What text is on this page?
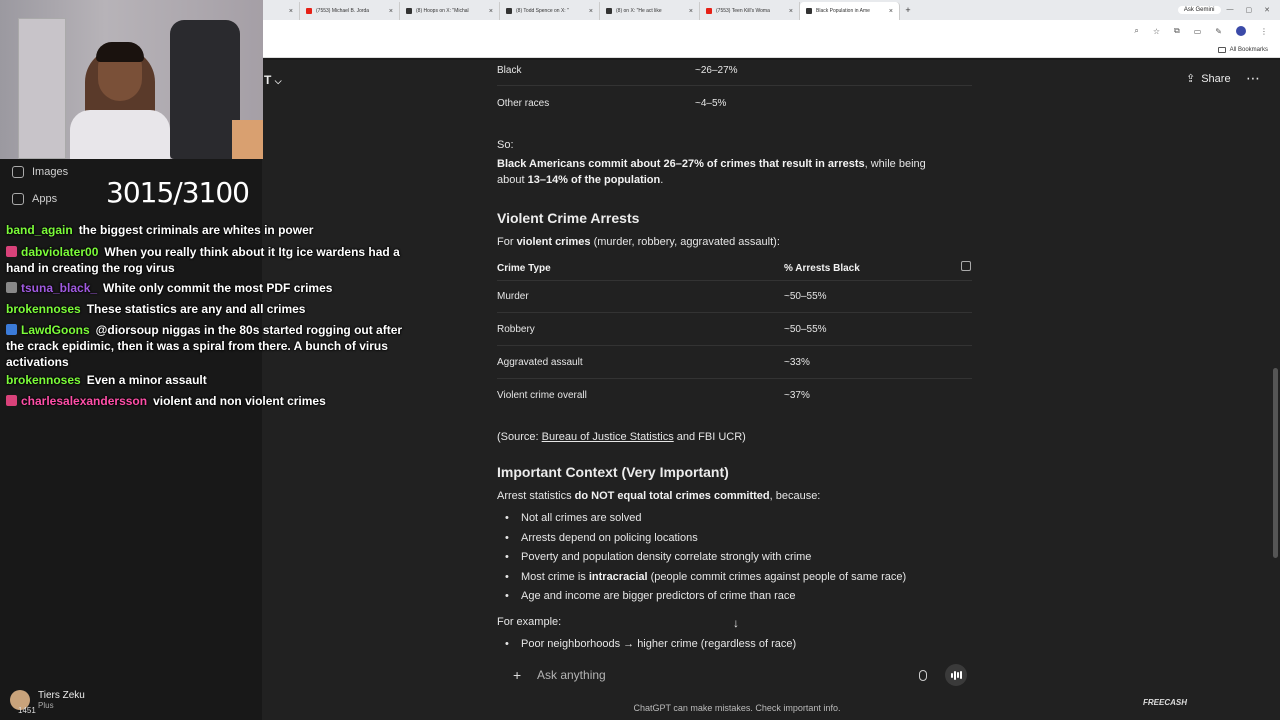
×	(7553) Michael B. Jorda	×	(8) Hoops on X: "Michal	×	(8) Todd Spence on X: "	×	(8) on X: "He act like	×	(7553) Teen Kill's Woma	×	Black Population in Ame	×	+	Ask Gemini	— ▢ ✕
⌕ ☆ ⧉ ▭ ✎	⋮
All Bookmarks
Images
Apps
Tiers Zeku
Plus
T ⌵	⇪ Share ⋯
Black	~26–27%
Other races	~4–5%
So:
Black Americans commit about 26–27% of crimes that result in arrests, while being
about 13–14% of the population.
Violent Crime Arrests
For violent crimes (murder, robbery, aggravated assault):
Crime Type	% Arrests Black
Murder	~50–55%
Robbery	~50–55%
Aggravated assault	~33%
Violent crime overall	~37%
(Source: Bureau of Justice Statistics and FBI UCR)
Important Context (Very Important)
Arrest statistics do NOT equal total crimes committed, because:
• Not all crimes are solved
• Arrests depend on policing locations
• Poverty and population density correlate strongly with crime
• Most crime is intracracial (people commit crimes against people of same race)
• Age and income are bigger predictors of crime than race
For example:
• Poor neighborhoods → higher crime (regardless of race)
↓
+ Ask anything
ChatGPT can make mistakes. Check important info.
FREECASH
3015/3100
band_again the biggest criminals are whites in power
dabviolater00 When you really think about it Itg ice wardens had a hand in creating the rog virus
tsuna_black_ White only commit the most PDF crimes
brokennoses These statistics are any and all crimes
LawdGoons @diorsoup niggas in the 80s started rogging out after the crack epidimic, then it was a spiral from there. A bunch of virus activations
brokennoses Even a minor assault
charlesalexandersson violent and non violent crimes
1451
